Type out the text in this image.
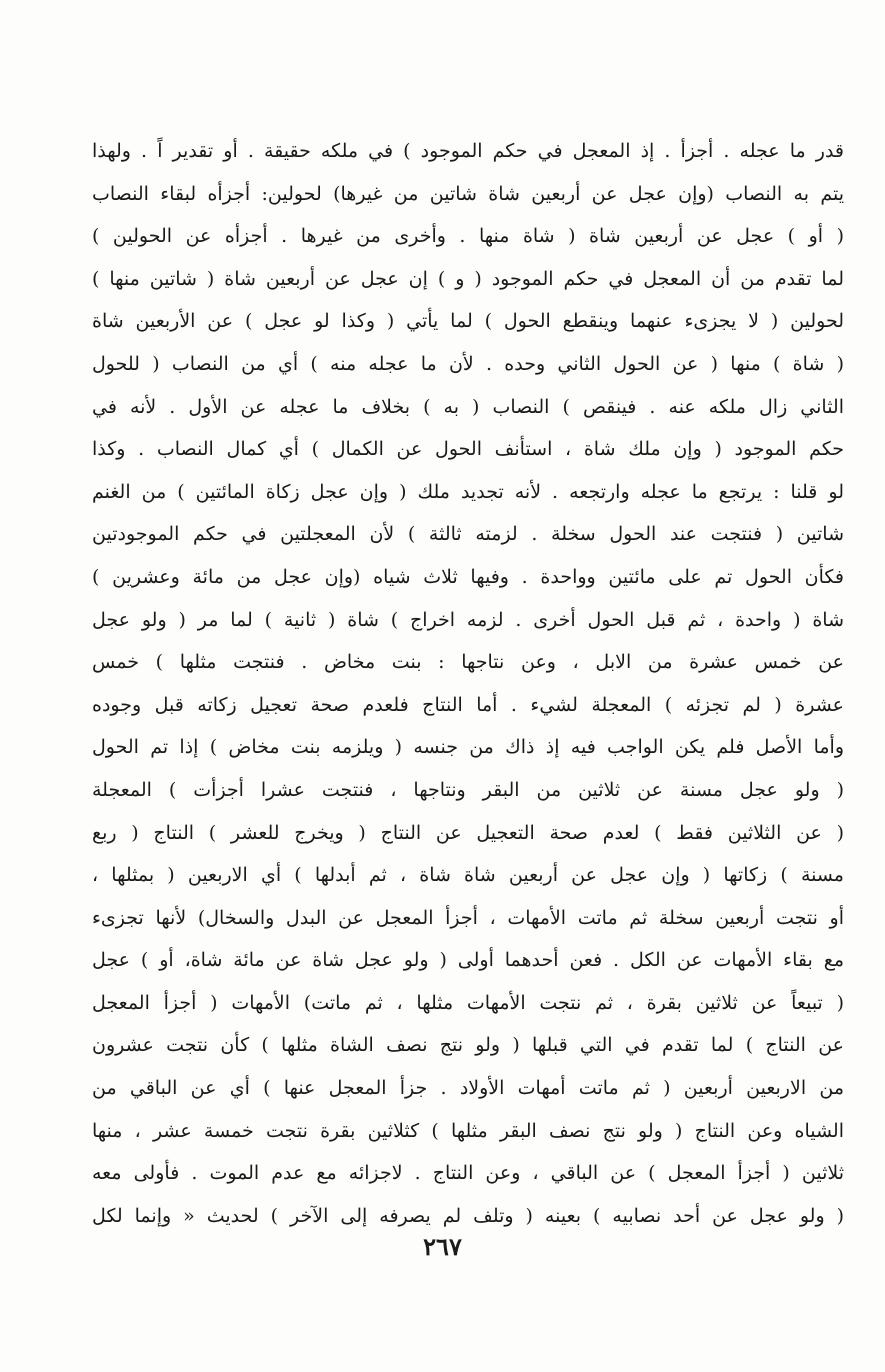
قدر ما عجله . أجزأ . إذ المعجل في حكم الموجود ) في ملكه حقيقة . أو تقدير اً . ولهذا
يتم به النصاب (وإن عجل عن أربعين شاة شاتين من غيرها) لحولين: أجزأه لبقاء النصاب
( أو ) عجل عن أربعين شاة ( شاة منها . وأخرى من غيرها . أجزأه عن الحولين )
لما تقدم من أن المعجل في حكم الموجود ( و ) إن عجل عن أربعين شاة ( شاتين منها )
لحولين ( لا يجزىء عنهما وينقطع الحول ) لما يأتي ( وكذا لو عجل ) عن الأربعين شاة
( شاة ) منها ( عن الحول الثاني وحده . لأن ما عجله منه ) أي من النصاب ( للحول
الثاني زال ملكه عنه . فينقص ) النصاب ( به ) بخلاف ما عجله عن الأول . لأنه في
حكم الموجود ( وإن ملك شاة ، استأنف الحول عن الكمال ) أي كمال النصاب . وكذا
لو قلنا : يرتجع ما عجله وارتجعه . لأنه تجديد ملك ( وإن عجل زكاة المائتين ) من الغنم
شاتين ( فنتجت عند الحول سخلة . لزمته ثالثة ) لأن المعجلتين في حكم الموجودتين
فكأن الحول تم على مائتين وواحدة . وفيها ثلاث شياه (وإن عجل من مائة وعشرين )
شاة ( واحدة ، ثم قبل الحول أخرى . لزمه اخراج ) شاة ( ثانية ) لما مر ( ولو عجل
عن خمس عشرة من الابل ، وعن نتاجها : بنت مخاض . فنتجت مثلها ) خمس
عشرة ( لم تجزئه ) المعجلة لشيء . أما النتاج فلعدم صحة تعجيل زكاته قبل وجوده
وأما الأصل فلم يكن الواجب فيه إذ ذاك من جنسه ( ويلزمه بنت مخاض ) إذا تم الحول
( ولو عجل مسنة عن ثلاثين من البقر ونتاجها ، فنتجت عشرا أجزأت ) المعجلة
( عن الثلاثين فقط ) لعدم صحة التعجيل عن النتاج ( ويخرج للعشر ) النتاج ( ربع
مسنة ) زكاتها ( وإن عجل عن أربعين شاة شاة ، ثم أبدلها ) أي الاربعين ( بمثلها ،
أو نتجت أربعين سخلة ثم ماتت الأمهات ، أجزأ المعجل عن البدل والسخال) لأنها تجزىء
مع بقاء الأمهات عن الكل . فعن أحدهما أولى ( ولو عجل شاة عن مائة شاة، أو ) عجل
( تبيعاً عن ثلاثين بقرة ، ثم نتجت الأمهات مثلها ، ثم ماتت) الأمهات ( أجزأ المعجل
عن النتاج ) لما تقدم في التي قبلها ( ولو نتج نصف الشاة مثلها ) كأن نتجت عشرون
من الاربعين أربعين ( ثم ماتت أمهات الأولاد . جزأ المعجل عنها ) أي عن الباقي من
الشياه وعن النتاج ( ولو نتج نصف البقر مثلها ) كثلاثين بقرة نتجت خمسة عشر ، منها
ثلاثين ( أجزأ المعجل ) عن الباقي ، وعن النتاج . لاجزائه مع عدم الموت . فأولى معه
( ولو عجل عن أحد نصابيه ) بعينه ( وتلف لم يصرفه إلى الآخر ) لحديث « وإنما لكل
٢٦٧
